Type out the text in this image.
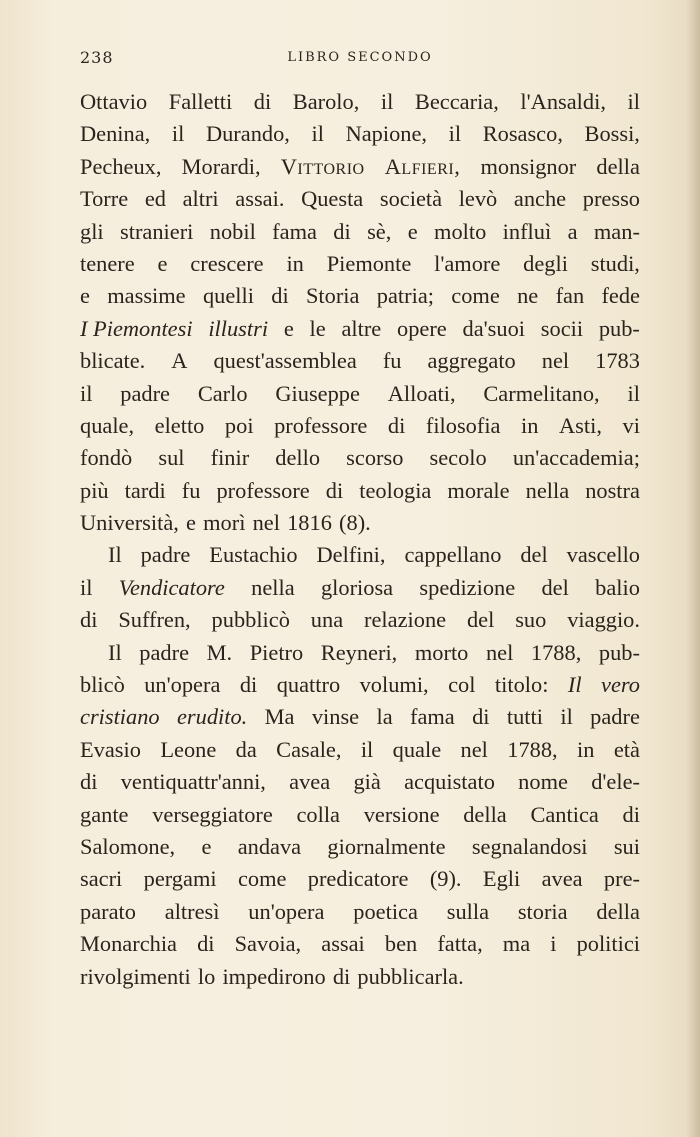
238	LIBRO SECONDO
Ottavio Falletti di Barolo, il Beccaria, l'Ansaldi, il
Denina, il Durando, il Napione, il Rosasco, Bossi,
Pecheux, Morardi, Vittorio Alfieri, monsignor della
Torre ed altri assai. Questa società levò anche presso
gli stranieri nobil fama di sè, e molto influì a man-
tenere e crescere in Piemonte l'amore degli studi,
e massime quelli di Storia patria; come ne fan fede
I Piemontesi illustri e le altre opere da'suoi socii pub-
blicate. A quest'assemblea fu aggregato nel 1783
il padre Carlo Giuseppe Alloati, Carmelitano, il
quale, eletto poi professore di filosofia in Asti, vi
fondò sul finir dello scorso secolo un'accademia;
più tardi fu professore di teologia morale nella nostra
Università, e morì nel 1816 (8).
Il padre Eustachio Delfini, cappellano del vascello
il Vendicatore nella gloriosa spedizione del balio
di Suffren, pubblicò una relazione del suo viaggio.
Il padre M. Pietro Reyneri, morto nel 1788, pub-
blicò un'opera di quattro volumi, col titolo: Il vero
cristiano erudito. Ma vinse la fama di tutti il padre
Evasio Leone da Casale, il quale nel 1788, in età
di ventiquattr'anni, avea già acquistato nome d'ele-
gante verseggiatore colla versione della Cantica di
Salomone, e andava giornalmente segnalandosi sui
sacri pergami come predicatore (9). Egli avea pre-
parato altresì un'opera poetica sulla storia della
Monarchia di Savoia, assai ben fatta, ma i politici
rivolgimenti lo impedirono di pubblicarla.
